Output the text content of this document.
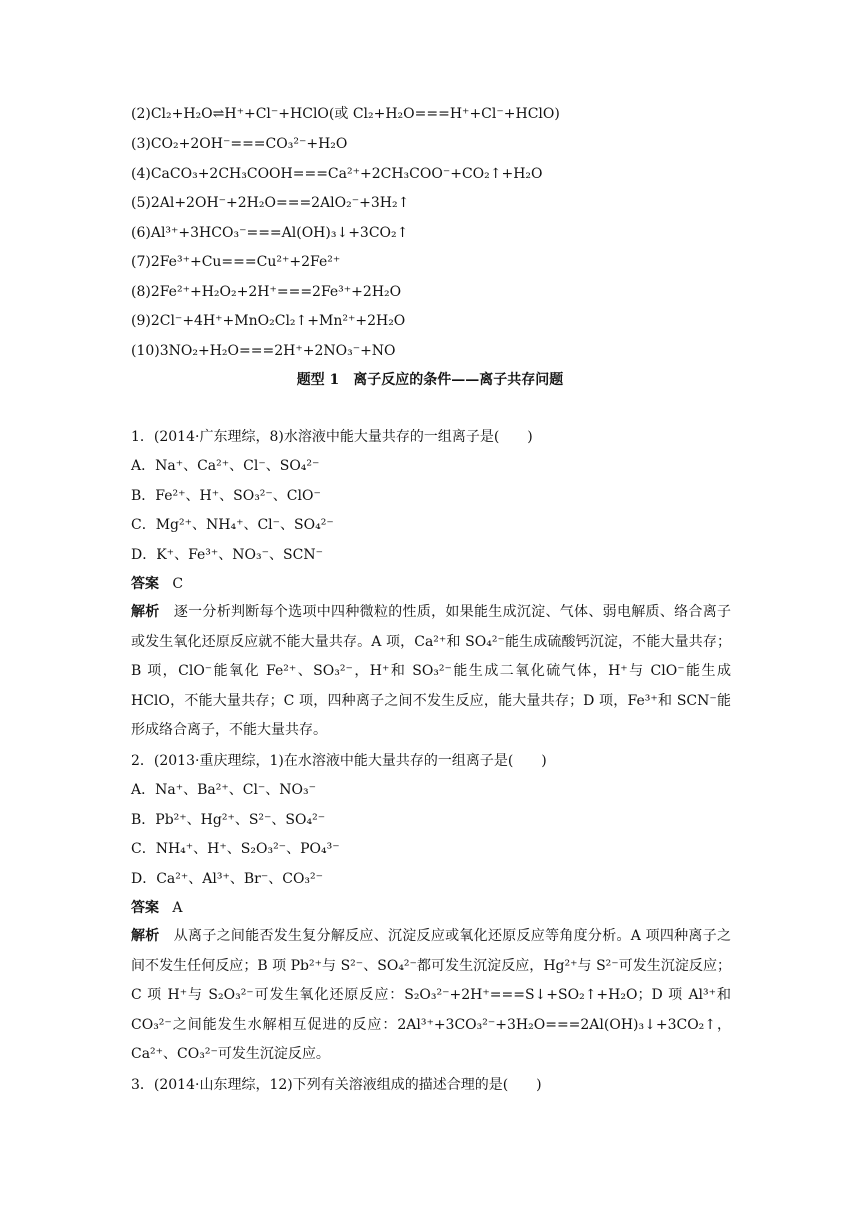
(2)Cl₂+H₂O⇌H⁺+Cl⁻+HClO(或 Cl₂+H₂O===H⁺+Cl⁻+HClO)
(3)CO₂+2OH⁻===CO₃²⁻+H₂O
(4)CaCO₃+2CH₃COOH===Ca²⁺+2CH₃COO⁻+CO₂↑+H₂O
(5)2Al+2OH⁻+2H₂O===2AlO₂⁻+3H₂↑
(6)Al³⁺+3HCO₃⁻===Al(OH)₃↓+3CO₂↑
(7)2Fe³⁺+Cu===Cu²⁺+2Fe²⁺
(8)2Fe²⁺+H₂O₂+2H⁺===2Fe³⁺+2H₂O
(9)2Cl⁻+4H⁺+MnO₂Cl₂↑+Mn²⁺+2H₂O
(10)3NO₂+H₂O===2H⁺+2NO₃⁻+NO
题型 1　离子反应的条件——离子共存问题
1．(2014·广东理综，8)水溶液中能大量共存的一组离子是(　　)
A．Na⁺、Ca²⁺、Cl⁻、SO₄²⁻
B．Fe²⁺、H⁺、SO₃²⁻、ClO⁻
C．Mg²⁺、NH₄⁺、Cl⁻、SO₄²⁻
D．K⁺、Fe³⁺、NO₃⁻、SCN⁻
答案 C
解析 逐一分析判断每个选项中四种微粒的性质，如果能生成沉淀、气体、弱电解质、络合离子或发生氧化还原反应就不能大量共存。A 项，Ca²⁺和 SO₄²⁻能生成硫酸钙沉淀，不能大量共存；B 项，ClO⁻能氧化 Fe²⁺、SO₃²⁻，H⁺和 SO₃²⁻能生成二氧化硫气体，H⁺与 ClO⁻能生成 HClO，不能大量共存；C 项，四种离子之间不发生反应，能大量共存；D 项，Fe³⁺和 SCN⁻能形成络合离子，不能大量共存。
2．(2013·重庆理综，1)在水溶液中能大量共存的一组离子是(　　)
A．Na⁺、Ba²⁺、Cl⁻、NO₃⁻
B．Pb²⁺、Hg²⁺、S²⁻、SO₄²⁻
C．NH₄⁺、H⁺、S₂O₃²⁻、PO₄³⁻
D．Ca²⁺、Al³⁺、Br⁻、CO₃²⁻
答案 A
解析 从离子之间能否发生复分解反应、沉淀反应或氧化还原反应等角度分析。A 项四种离子之间不发生任何反应；B 项 Pb²⁺与 S²⁻、SO₄²⁻都可发生沉淀反应，Hg²⁺与 S²⁻可发生沉淀反应；C 项 H⁺与 S₂O₃²⁻可发生氧化还原反应：S₂O₃²⁻+2H⁺===S↓+SO₂↑+H₂O；D 项 Al³⁺和 CO₃²⁻之间能发生水解相互促进的反应：2Al³⁺+3CO₃²⁻+3H₂O===2Al(OH)₃↓+3CO₂↑，Ca²⁺、CO₃²⁻可发生沉淀反应。
3．(2014·山东理综，12)下列有关溶液组成的描述合理的是(　　)
